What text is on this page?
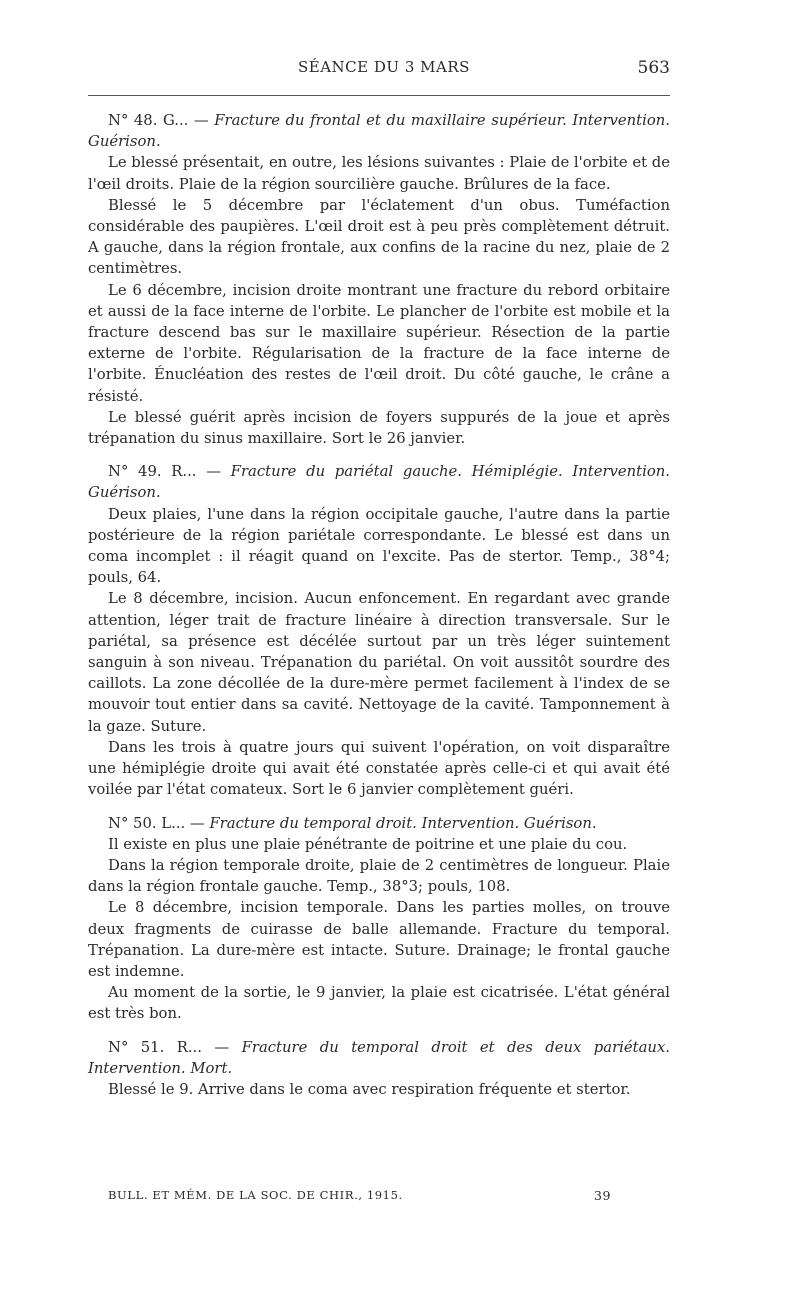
SÉANCE DU 3 MARS	563

N° 48. G... — Fracture du frontal et du maxillaire supérieur. Intervention. Guérison.

Le blessé présentait, en outre, les lésions suivantes : Plaie de l'orbite et de l'œil droits. Plaie de la région sourcilière gauche. Brûlures de la face.

Blessé le 5 décembre par l'éclatement d'un obus. Tuméfaction considérable des paupières. L'œil droit est à peu près complètement détruit. A gauche, dans la région frontale, aux confins de la racine du nez, plaie de 2 centimètres.

Le 6 décembre, incision droite montrant une fracture du rebord orbitaire et aussi de la face interne de l'orbite. Le plancher de l'orbite est mobile et la fracture descend bas sur le maxillaire supérieur. Résection de la partie externe de l'orbite. Régularisation de la fracture de la face interne de l'orbite. Énucléation des restes de l'œil droit. Du côté gauche, le crâne a résisté.

Le blessé guérit après incision de foyers suppurés de la joue et après trépanation du sinus maxillaire. Sort le 26 janvier.

N° 49. R... — Fracture du pariétal gauche. Hémiplégie. Intervention. Guérison.

Deux plaies, l'une dans la région occipitale gauche, l'autre dans la partie postérieure de la région pariétale correspondante. Le blessé est dans un coma incomplet : il réagit quand on l'excite. Pas de stertor. Temp., 38°4; pouls, 64.

Le 8 décembre, incision. Aucun enfoncement. En regardant avec grande attention, léger trait de fracture linéaire à direction transversale. Sur le pariétal, sa présence est décélée surtout par un très léger suintement sanguin à son niveau. Trépanation du pariétal. On voit aussitôt sourdre des caillots. La zone décollée de la dure-mère permet facilement à l'index de se mouvoir tout entier dans sa cavité. Nettoyage de la cavité. Tamponnement à la gaze. Suture.

Dans les trois à quatre jours qui suivent l'opération, on voit disparaître une hémiplégie droite qui avait été constatée après celle-ci et qui avait été voilée par l'état comateux. Sort le 6 janvier complètement guéri.

N° 50. L... — Fracture du temporal droit. Intervention. Guérison.

Il existe en plus une plaie pénétrante de poitrine et une plaie du cou.

Dans la région temporale droite, plaie de 2 centimètres de longueur. Plaie dans la région frontale gauche. Temp., 38°3; pouls, 108.

Le 8 décembre, incision temporale. Dans les parties molles, on trouve deux fragments de cuirasse de balle allemande. Fracture du temporal. Trépanation. La dure-mère est intacte. Suture. Drainage; le frontal gauche est indemne.

Au moment de la sortie, le 9 janvier, la plaie est cicatrisée. L'état général est très bon.

N° 51. R... — Fracture du temporal droit et des deux pariétaux. Intervention. Mort.

Blessé le 9. Arrive dans le coma avec respiration fréquente et stertor.

BULL. ET MÉM. DE LA SOC. DE CHIR., 1915.	39
